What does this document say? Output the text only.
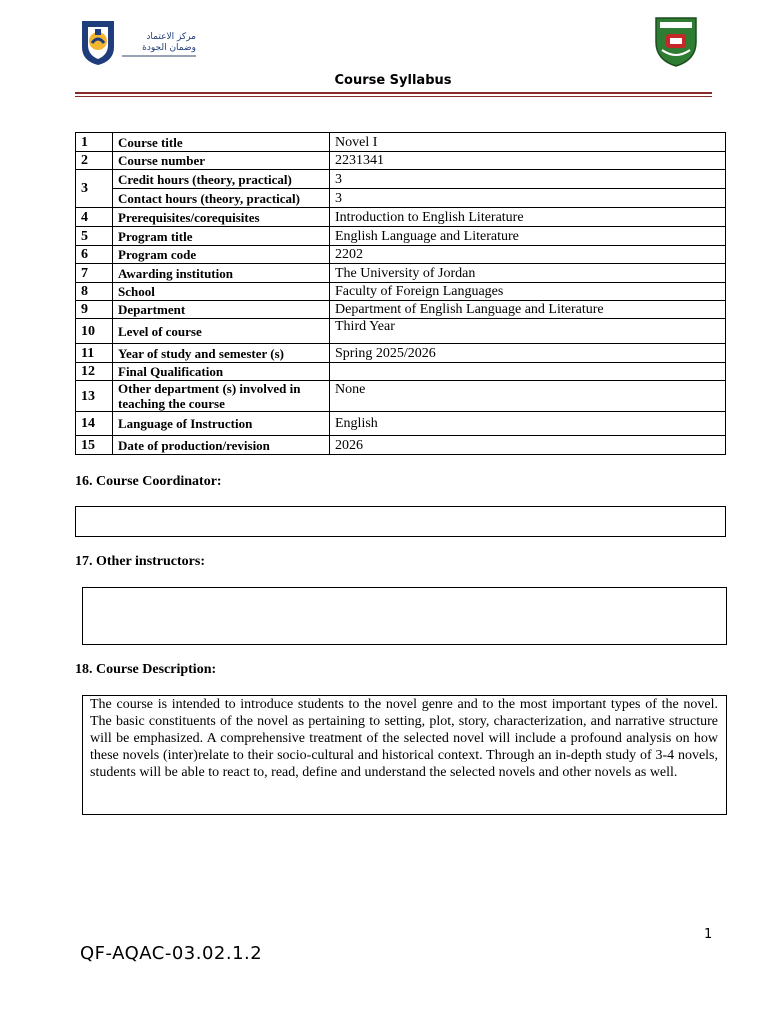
مركز الاعتماد
وضمان الجودة
Course Syllabus
1	Course title	Novel I
2	Course number	2231341
3	Credit hours (theory, practical)	3
	Contact hours (theory, practical)	3
4	Prerequisites/corequisites	Introduction to English Literature
5	Program title	English Language and Literature
6	Program code	2202
7	Awarding institution	The University of Jordan
8	School	Faculty of Foreign Languages
9	Department	Department of English Language and Literature
10	Level of course	Third Year
11	Year of study and semester (s)	Spring 2025/2026
12	Final Qualification	
13	Other department (s) involved in teaching the course	None
14	Language of Instruction	English
15	Date of production/revision	2026
16. Course Coordinator:
17. Other instructors:
18. Course Description:
The course is intended to introduce students to the novel genre and to the most important types of the novel. The basic constituents of the novel as pertaining to setting, plot, story, characterization, and narrative structure will be emphasized. A comprehensive treatment of the selected novel will include a profound analysis on how these novels (inter)relate to their socio-cultural and historical context. Through an in-depth study of 3-4 novels, students will be able to react to, read, define and understand the selected novels and other novels as well.
1
QF-AQAC-03.02.1.2
